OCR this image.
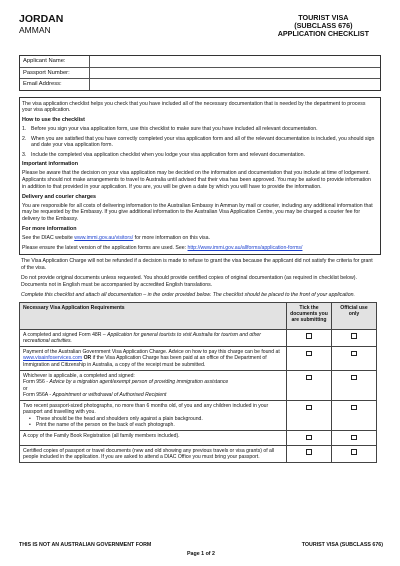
JORDAN
AMMAN
TOURIST VISA
(SUBCLASS 676)
APPLICATION CHECKLIST
Applicant Name:
Passport Number:
Email Address:
The visa application checklist helps you check that you have included all of the necessary documentation that is needed by the department to process your visa application.
How to use the checklist
1. Before you sign your visa application form, use this checklist to make sure that you have included all relevant documentation.
2. When you are satisfied that you have correctly completed your visa application form and all of the relevant documentation is included, you should sign and date your visa application form.
3. Include the completed visa application checklist when you lodge your visa application form and relevant documentation.
Important information
Please be aware that the decision on your visa application may be decided on the information and documentation that you include at time of lodgement. Applicants should not make arrangements to travel to Australia until advised that their visa has been approved. You may be asked to provide information in addition to that provided in your application. If you are, you will be given a date by which you will have to provide the information.
Delivery and courier charges
You are responsible for all costs of delivering information to the Australian Embassy in Amman by mail or courier, including any additional information that may be requested by the Embassy. If you give additional information to the Australian Visa Application Centre, you may be charged a courier fee for delivery to the Embassy.
For more information
See the DIAC website www.immi.gov.au/visitors/ for more information on this visa.
Please ensure the latest version of the application forms are used. See: http://www.immi.gov.au/allforms/application-forms/
The Visa Application Charge will not be refunded if a decision is made to refuse to grant the visa because the applicant did not satisfy the criteria for grant of the visa.
Do not provide original documents unless requested. You should provide certified copies of original documentation (as required in checklist below). Documents not in English must be accompanied by accredited English translations.
Complete this checklist and attach all documentation – in the order provided below. The checklist should be placed to the front of your application.
Necessary Visa Application Requirements	Tick the documents you are submitting	Official use only
A completed and signed Form 48R – Application for general tourists to visit Australia for tourism and other recreational activities.		
Payment of the Australian Government Visa Application Charge. Advice on how to pay this charge can be found at www.visainfoservices.com OR if the Visa Application Charge has been paid at an office of the Department of Immigration and Citizenship in Australia, a copy of the receipt must be submitted.		

Whichever is applicable, a completed and signed:
Form 956 - Advice by a migration agent/exempt person of providing immigration assistance
or
Form 956A - Appointment or withdrawal of Authorised Recipient		

Two recent passport-sized photographs, no more than 6 months old, of you and any children included in your passport and travelling with you.
• These should be the head and shoulders only against a plain background.
• Print the name of the person on the back of each photograph.		

A copy of the Family Book Registration (all family members included).		
Certified copies of passport or travel documents (new and old showing any previous travels or visa grants) of all people included in the application. If you are asked to attend a DIAC Office you must bring your passport.		
THIS IS NOT AN AUSTRALIAN GOVERNMENT FORM	TOURIST VISA (SUBCLASS 676)
Page 1 of 2
